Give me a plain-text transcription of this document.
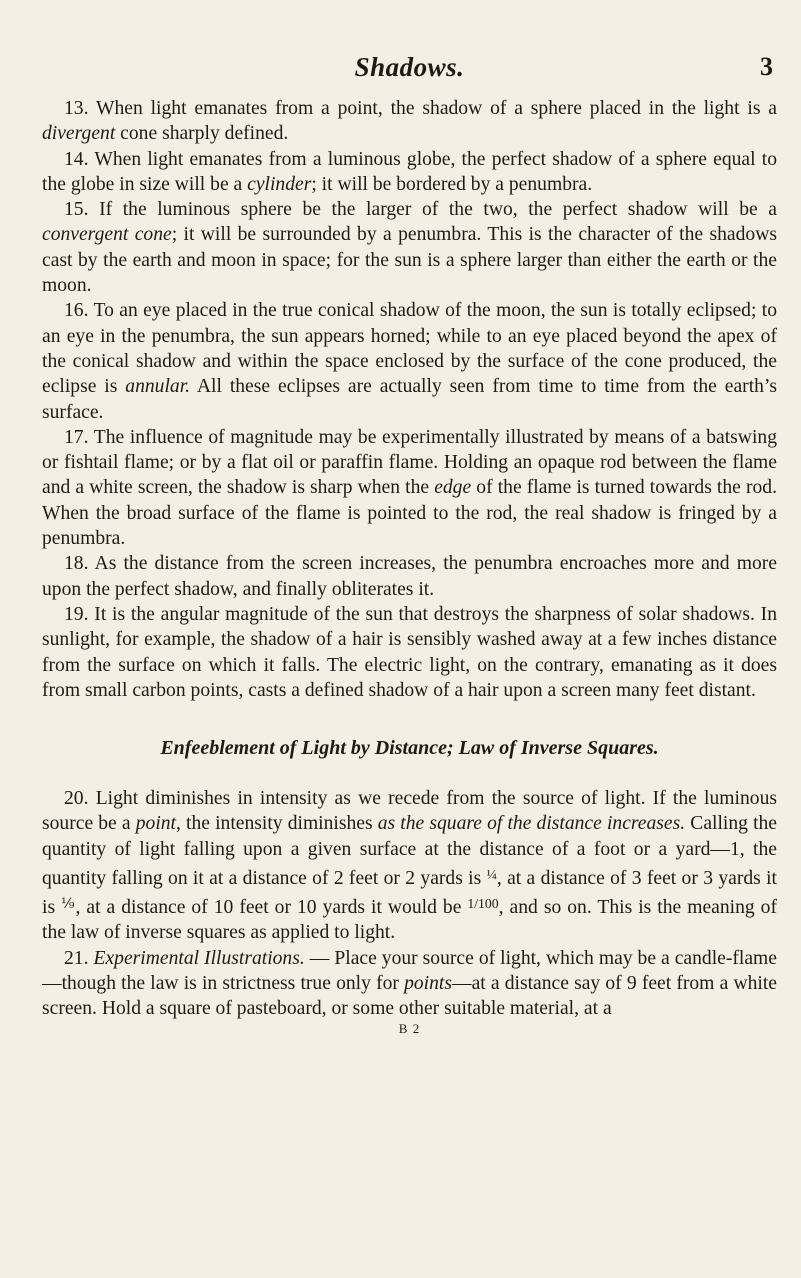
Shadows.	3

13. When light emanates from a point, the shadow of a sphere placed in the light is a divergent cone sharply defined.

14. When light emanates from a luminous globe, the perfect shadow of a sphere equal to the globe in size will be a cylinder; it will be bordered by a penumbra.

15. If the luminous sphere be the larger of the two, the perfect shadow will be a convergent cone; it will be surrounded by a penumbra. This is the character of the shadows cast by the earth and moon in space; for the sun is a sphere larger than either the earth or the moon.

16. To an eye placed in the true conical shadow of the moon, the sun is totally eclipsed; to an eye in the penumbra, the sun appears horned; while to an eye placed beyond the apex of the conical shadow and within the space enclosed by the surface of the cone produced, the eclipse is annular. All these eclipses are actually seen from time to time from the earth’s surface.

17. The influence of magnitude may be experimentally illustrated by means of a batswing or fishtail flame; or by a flat oil or paraffin flame. Holding an opaque rod between the flame and a white screen, the shadow is sharp when the edge of the flame is turned towards the rod. When the broad surface of the flame is pointed to the rod, the real shadow is fringed by a penumbra.

18. As the distance from the screen increases, the penumbra encroaches more and more upon the perfect shadow, and finally obliterates it.

19. It is the angular magnitude of the sun that destroys the sharpness of solar shadows. In sunlight, for example, the shadow of a hair is sensibly washed away at a few inches distance from the surface on which it falls. The electric light, on the contrary, emanating as it does from small carbon points, casts a defined shadow of a hair upon a screen many feet distant.

Enfeeblement of Light by Distance; Law of Inverse Squares.

20. Light diminishes in intensity as we recede from the source of light. If the luminous source be a point, the intensity diminishes as the square of the distance increases. Calling the quantity of light falling upon a given surface at the distance of a foot or a yard—1, the quantity falling on it at a distance of 2 feet or 2 yards is $^{\frac{1}{4}}$, at a distance of 3 feet or 3 yards it is $^⅑$, at a distance of 10 feet or 10 yards it would be $^{1/100}$, and so on. This is the meaning of the law of inverse squares as applied to light.

21. Experimental Illustrations. — Place your source of light, which may be a candle-flame—though the law is in strictness true only for points—at a distance say of 9 feet from a white screen. Hold a square of pasteboard, or some other suitable material, at a

B 2
